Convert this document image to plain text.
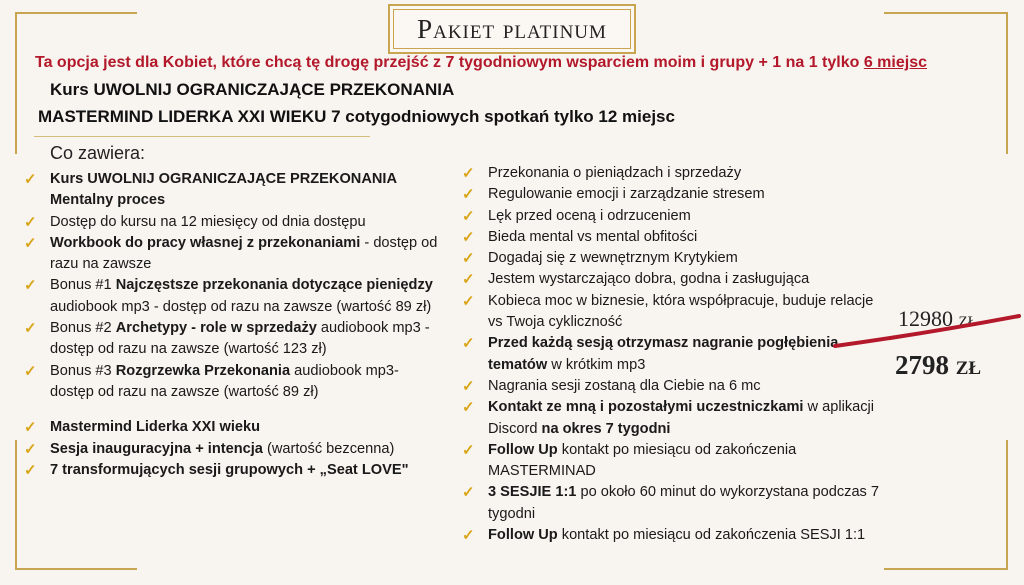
Pakiet platinum
Ta opcja jest dla Kobiet, które chcą tę drogę przejść z 7 tygodniowym wsparciem moim i grupy + 1 na 1 tylko 6 miejsc
Kurs UWOLNIJ OGRANICZAJĄCE PRZEKONANIA
MASTERMIND LIDERKA XXI WIEKU 7 cotygodniowych spotkań tylko 12 miejsc
Co zawiera:
✓ Kurs UWOLNIJ OGRANICZAJĄCE PRZEKONANIA Mentalny proces
✓ Dostęp do kursu na 12 miesięcy od dnia dostępu
✓ Workbook do pracy własnej z przekonaniami - dostęp od razu na zawsze
✓ Bonus #1 Najczęstsze przekonania dotyczące pieniędzy audiobook mp3 - dostęp od razu na zawsze (wartość 89 zł)
✓ Bonus #2 Archetypy - role w sprzedaży audiobook mp3 - dostęp od razu na zawsze (wartość 123 zł)
✓ Bonus #3 Rozgrzewka Przekonania audiobook mp3- dostęp od razu na zawsze (wartość 89 zł)
✓ Mastermind Liderka XXI wieku
✓ Sesja inauguracyjna + intencja (wartość bezcenna)
✓ 7 transformujących sesji grupowych + „Seat LOVE"
✓ Przekonania o pieniądzach i sprzedaży
✓ Regulowanie emocji i zarządzanie stresem
✓ Lęk przed oceną i odrzuceniem
✓ Bieda mental vs mental obfitości
✓ Dogadaj się z wewnętrznym Krytykiem
✓ Jestem wystarczająco dobra, godna i zasługująca
✓ Kobieca moc w biznesie, która współpracuje, buduje relacje vs Twoja cykliczność
✓ Przed każdą sesją otrzymasz nagranie pogłębienia tematów w krótkim mp3
✓ Nagrania sesji zostaną dla Ciebie na 6 mc
✓ Kontakt ze mną i pozostałymi uczestniczkami w aplikacji Discord na okres 7 tygodni
✓ Follow Up kontakt po miesiącu od zakończenia MASTERMINAD
✓ 3 SESJIE 1:1 po około 60 minut do wykorzystana podczas 7 tygodni
✓ Follow Up kontakt po miesiącu od zakończenia SESJI 1:1
12980 zł
2798 zł
